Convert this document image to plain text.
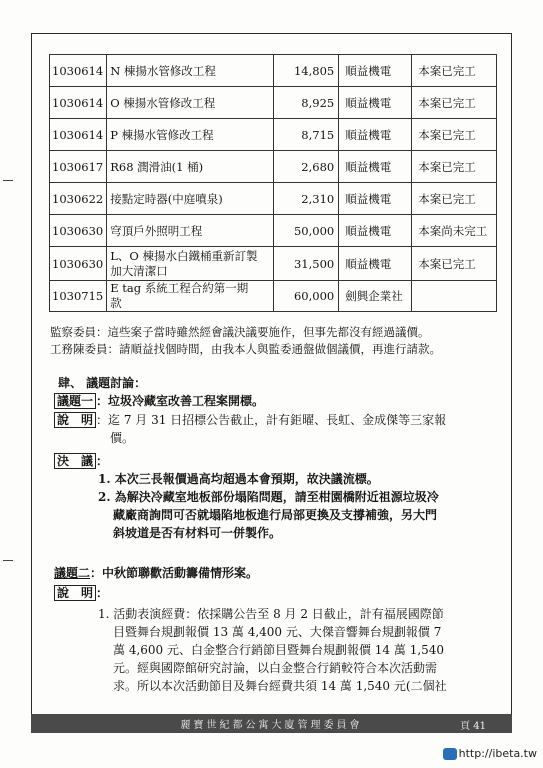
1030614	N 棟揚水管修改工程	14,805	順益機電	本案已完工
1030614	O 棟揚水管修改工程	8,925	順益機電	本案已完工
1030614	P 棟揚水管修改工程	8,715	順益機電	本案已完工
1030617	R68 潤滑油(1 桶)	2,680	順益機電	本案已完工
1030622	接點定時器(中庭噴泉)	2,310	順益機電	本案已完工
1030630	穹頂戶外照明工程	50,000	順益機電	本案尚未完工
1030630	L、O 棟揚水白鐵桶重新訂製
加大清潔口	31,500	順益機電	本案已完工
1030715	E tag 系統工程合約第一期
款	60,000	劍興企業社	
監察委員：這些案子當時雖然經會議決議要施作，但事先都沒有經過議價。
工務陳委員：請順益找個時間，由我本人與監委通盤做個議價，再進行請款。
肆、 議題討論：
議題一 ：垃圾冷藏室改善工程案開標。
說　明 ：迄 7 月 31 日招標公告截止，計有鉅曜、長虹、金成傑等三家報
價。
決　議 ：
1. 本次三長報價過高均超過本會預期，故決議流標。
2. 為解決冷藏室地板部份塌陷問題，請至柑園橋附近祖源垃圾冷
藏廠商詢問可否就塌陷地板進行局部更換及支撐補強，另大門
斜坡道是否有材料可一併製作。
議題二：中秋節聯歡活動籌備情形案。
說　明 ：
1. 活動表演經費：依採購公告至 8 月 2 日截止，計有福展國際節
目暨舞台規劃報價 13 萬 4,400 元、大傑音響舞台規劃報價 7
萬 4,600 元、白金整合行銷節目暨舞台規劃報價 14 萬 1,540
元。經與國際館研究討論，以白金整合行銷較符合本次活動需
求。所以本次活動節目及舞台經費共須 14 萬 1,540 元(二個社
麗寶世紀都公寓大廈管理委員會	頁 41
http://ibeta.tw
